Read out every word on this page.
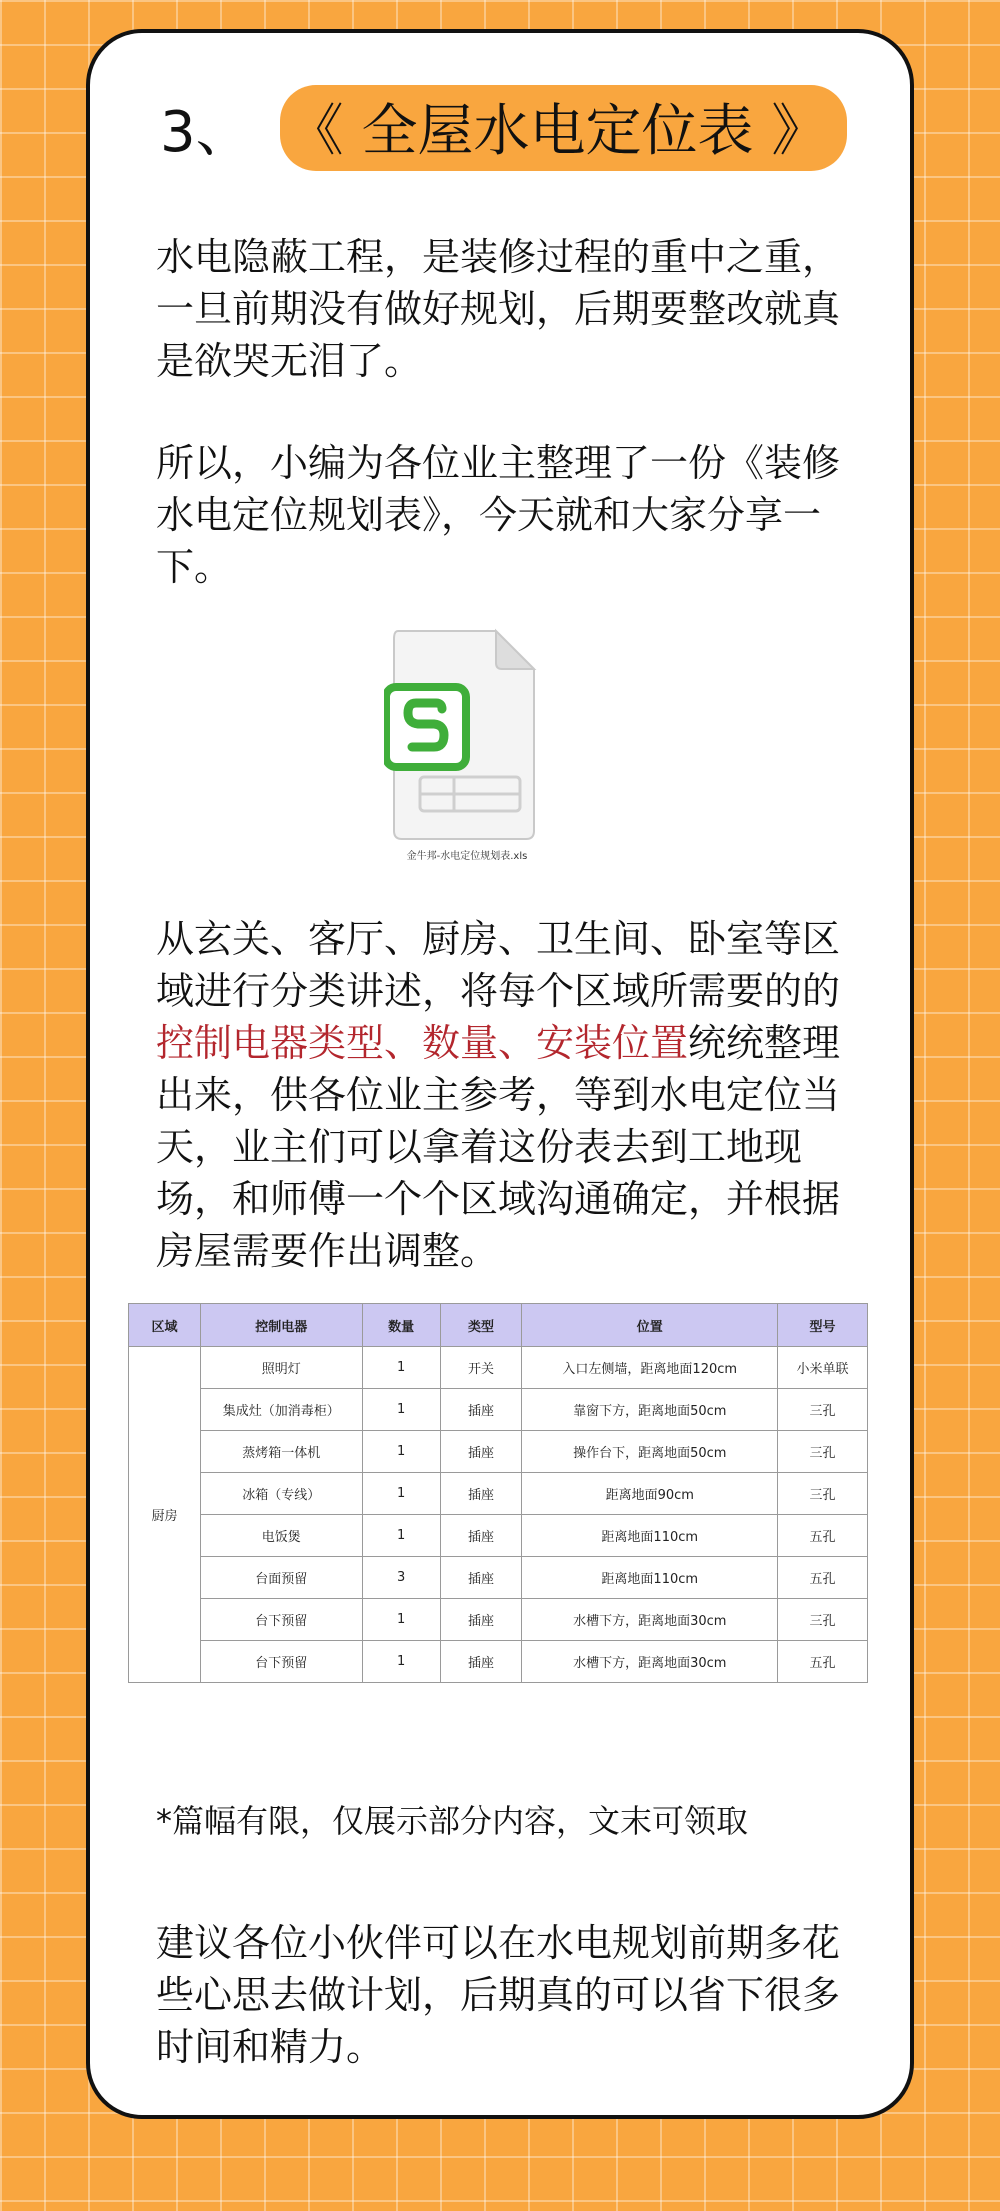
3、 《 全屋水电定位表 》

水电隐蔽工程，是装修过程的重中之重，一旦前期没有做好规划，后期要整改就真是欲哭无泪了。

所以，小编为各位业主整理了一份《装修水电定位规划表》，今天就和大家分享一下。

金牛邦-水电定位规划表.xls

从玄关、客厅、厨房、卫生间、卧室等区域进行分类讲述，将每个区域所需要的的控制电器类型、数量、安装位置统统整理出来，供各位业主参考，等到水电定位当天，业主们可以拿着这份表去到工地现场，和师傅一个个区域沟通确定，并根据房屋需要作出调整。

区域	控制电器	数量	类型	位置	型号
厨房	照明灯	1	开关	入口左侧墙，距离地面120cm	小米单联
	集成灶（加消毒柜）	1	插座	靠窗下方，距离地面50cm	三孔
	蒸烤箱一体机	1	插座	操作台下，距离地面50cm	三孔
	冰箱（专线）	1	插座	距离地面90cm	三孔
	电饭煲	1	插座	距离地面110cm	五孔
	台面预留	3	插座	距离地面110cm	五孔
	台下预留	1	插座	水槽下方，距离地面30cm	三孔
	台下预留	1	插座	水槽下方，距离地面30cm	五孔

*篇幅有限，仅展示部分内容，文末可领取

建议各位小伙伴可以在水电规划前期多花些心思去做计划，后期真的可以省下很多时间和精力。
